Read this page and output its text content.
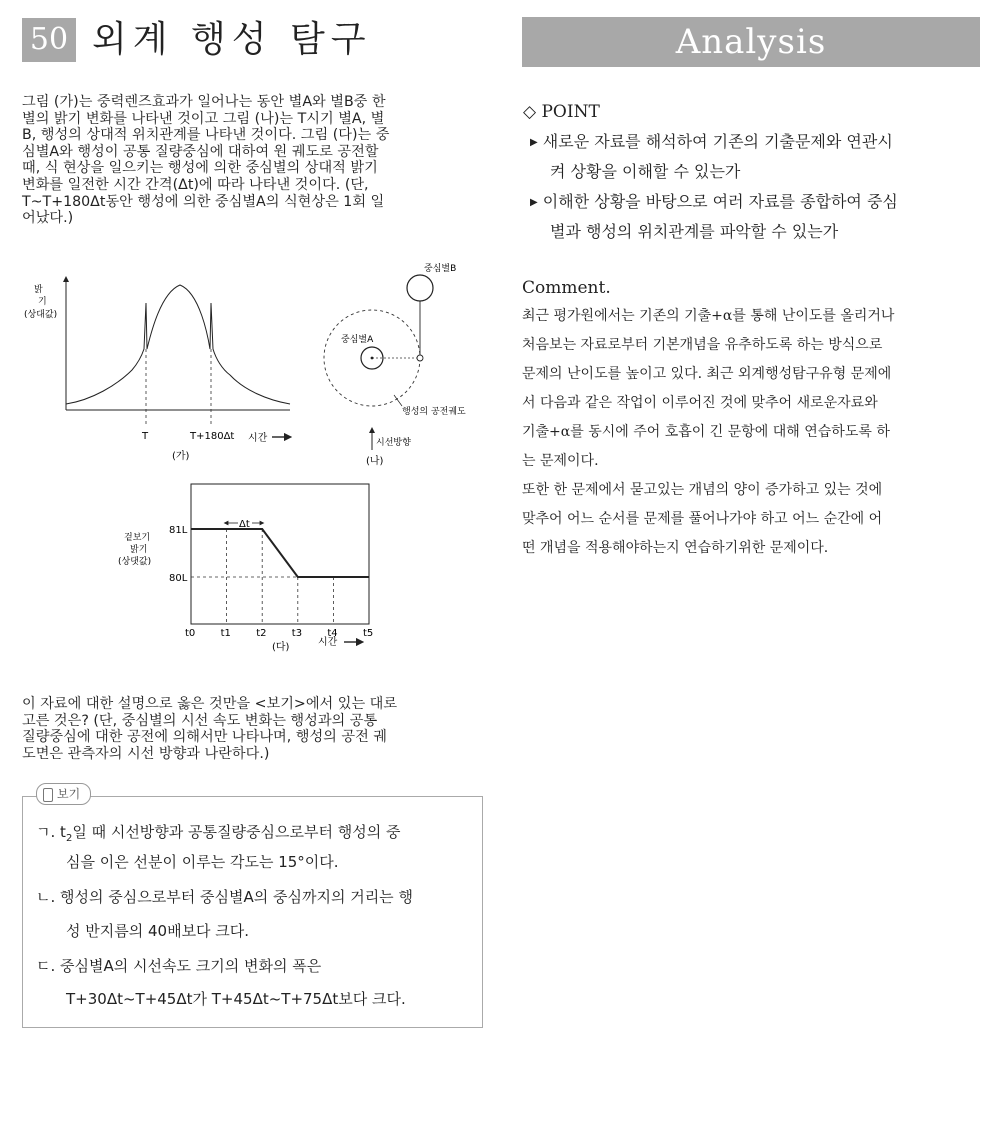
50 외계 행성 탐구	Analysis
그림 (가)는 중력렌즈효과가 일어나는 동안 별A와 별B중 한
별의 밝기 변화를 나타낸 것이고 그림 (나)는 T시기 별A, 별
B, 행성의 상대적 위치관계를 나타낸 것이다. 그림 (다)는 중
심별A와 행성이 공통 질량중심에 대하여 원 궤도로 공전할
때, 식 현상을 일으키는 행성에 의한 중심별의 상대적 밝기
변화를 일전한 시간 간격(Δt)에 따라 나타낸 것이다. (단,
T~T+180Δt동안 행성에 의한 중심별A의 식현상은 1회 일
어났다.)
밝
기
(상대값)
T	T+180Δt 시간
(가)
중심별B
중심별A
행성의 공전궤도
시선방향
(나)
t0	t1	t2	t3	t4	t5
81L
80L
겉보기
밝기
(상댓값)
Δt
(다)	시간
이 자료에 대한 설명으로 옳은 것만을 <보기>에서 있는 대로
고른 것은? (단, 중심별의 시선 속도 변화는 행성과의 공통
질량중심에 대한 공전에 의해서만 나타나며, 행성의 공전 궤
도면은 관측자의 시선 방향과 나란하다.)
보기
ㄱ. $t_2$일 때 시선방향과 공통질량중심으로부터 행성의 중
심을 이은 선분이 이루는 각도는 15°이다.
ㄴ. 행성의 중심으로부터 중심별A의 중심까지의 거리는 행
성 반지름의 40배보다 크다.
ㄷ. 중심별A의 시선속도 크기의 변화의 폭은
T+30Δt~T+45Δt가 T+45Δt~T+75Δt보다 크다.
◇ POINT
▶ 새로운 자료를 해석하여 기존의 기출문제와 연관시
켜 상황을 이해할 수 있는가
▶ 이해한 상황을 바탕으로 여러 자료를 종합하여 중심
별과 행성의 위치관계를 파악할 수 있는가
Comment.
최근 평가원에서는 기존의 기출+α를 통해 난이도를 올리거나
처음보는 자료로부터 기본개념을 유추하도록 하는 방식으로
문제의 난이도를 높이고 있다. 최근 외계행성탐구유형 문제에
서 다음과 같은 작업이 이루어진 것에 맞추어 새로운자료와
기출+α를 동시에 주어 호흡이 긴 문항에 대해 연습하도록 하
는 문제이다.
또한 한 문제에서 묻고있는 개념의 양이 증가하고 있는 것에
맞추어 어느 순서를 문제를 풀어나가야 하고 어느 순간에 어
떤 개념을 적용해야하는지 연습하기위한 문제이다.
